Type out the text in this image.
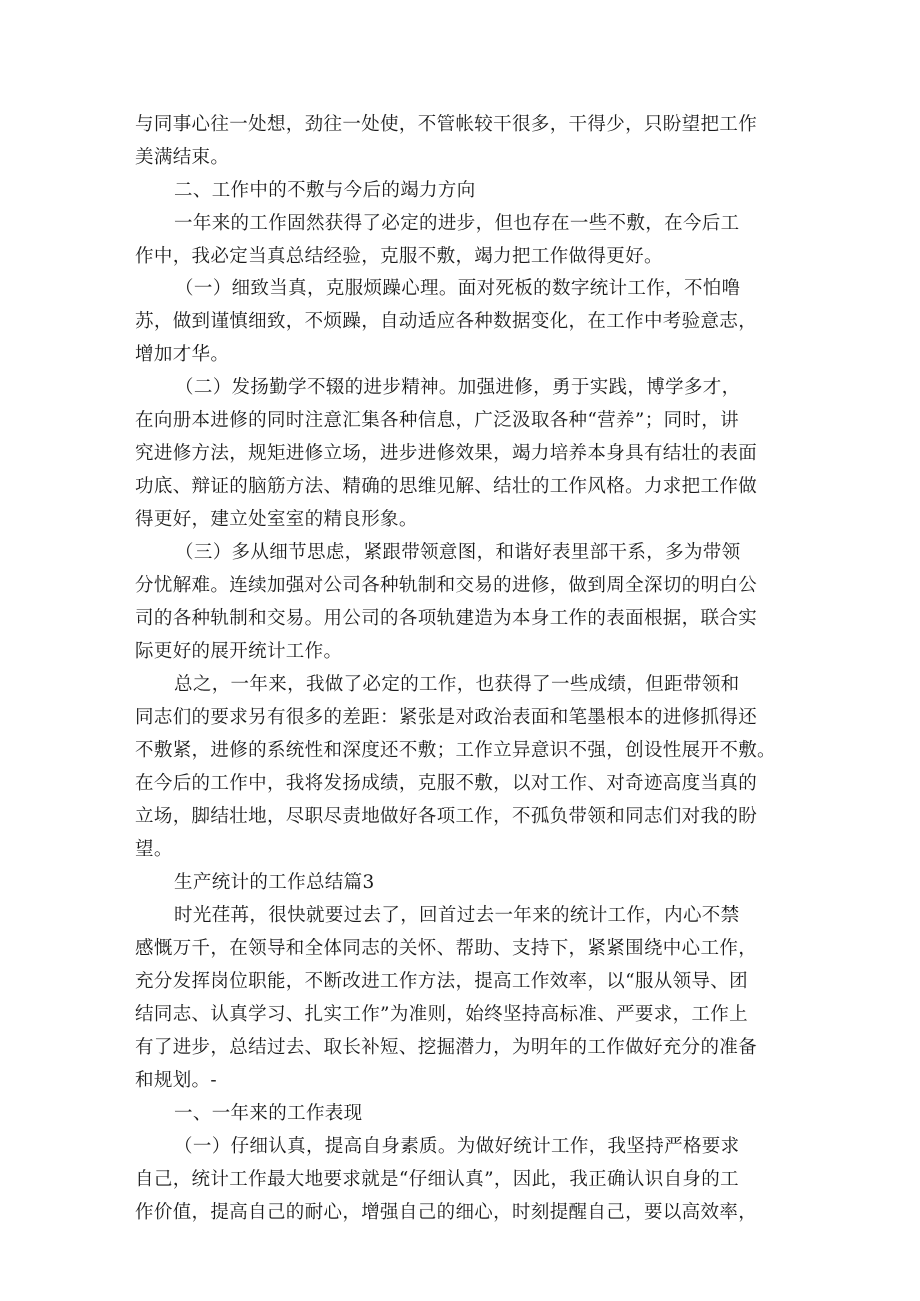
与同事心往一处想，劲往一处使，不管帐较干很多，干得少，只盼望把工作
美满结束。
二、工作中的不敷与今后的竭力方向
一年来的工作固然获得了必定的进步，但也存在一些不敷，在今后工
作中，我必定当真总结经验，克服不敷，竭力把工作做得更好。
（一）细致当真，克服烦躁心理。面对死板的数字统计工作，不怕噜
苏，做到谨慎细致，不烦躁，自动适应各种数据变化，在工作中考验意志，
增加才华。
（二）发扬勤学不辍的进步精神。加强进修，勇于实践，博学多才，
在向册本进修的同时注意汇集各种信息，广泛汲取各种“营养”；同时，讲
究进修方法，规矩进修立场，进步进修效果，竭力培养本身具有结壮的表面
功底、辩证的脑筋方法、精确的思维见解、结壮的工作风格。力求把工作做
得更好，建立处室室的精良形象。
（三）多从细节思虑，紧跟带领意图，和谐好表里部干系，多为带领
分忧解难。连续加强对公司各种轨制和交易的进修，做到周全深切的明白公
司的各种轨制和交易。用公司的各项轨建造为本身工作的表面根据，联合实
际更好的展开统计工作。
总之，一年来，我做了必定的工作，也获得了一些成绩，但距带领和
同志们的要求另有很多的差距：紧张是对政治表面和笔墨根本的进修抓得还
不敷紧，进修的系统性和深度还不敷；工作立异意识不强，创设性展开不敷。
在今后的工作中，我将发扬成绩，克服不敷，以对工作、对奇迹高度当真的
立场，脚结壮地，尽职尽责地做好各项工作，不孤负带领和同志们对我的盼
望。
生产统计的工作总结篇3
时光荏苒，很快就要过去了，回首过去一年来的统计工作，内心不禁
感慨万千，在领导和全体同志的关怀、帮助、支持下，紧紧围绕中心工作，
充分发挥岗位职能，不断改进工作方法，提高工作效率，以“服从领导、团
结同志、认真学习、扎实工作”为准则，始终坚持高标准、严要求，工作上
有了进步，总结过去、取长补短、挖掘潜力，为明年的工作做好充分的准备
和规划。-
一、一年来的工作表现
（一）仔细认真，提高自身素质。为做好统计工作，我坚持严格要求
自己，统计工作最大地要求就是“仔细认真”，因此，我正确认识自身的工
作价值，提高自己的耐心，增强自己的细心，时刻提醒自己，要以高效率，
